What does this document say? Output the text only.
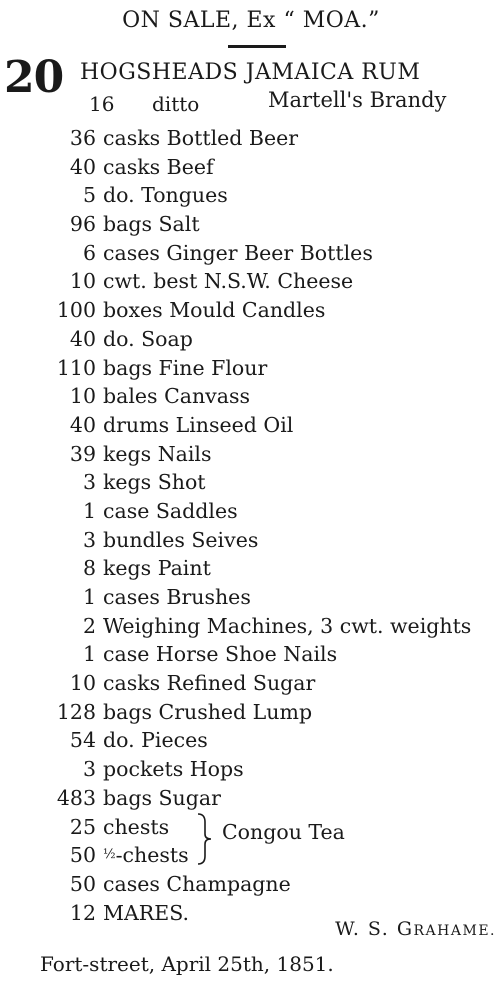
ON SALE, Ex “ MOA.”
20 HOGSHEADS JAMAICA RUM
16 ditto	Martell's Brandy
36 casks Bottled Beer
40 casks Beef
5 do. Tongues
96 bags Salt
6 cases Ginger Beer Bottles
10 cwt. best N.S.W. Cheese
100 boxes Mould Candles
40 do. Soap
110 bags Fine Flour
10 bales Canvass
40 drums Linseed Oil
39 kegs Nails
3 kegs Shot
1 case Saddles
3 bundles Seives
8 kegs Paint
1 cases Brushes
2 Weighing Machines, 3 cwt. weights
1 case Horse Shoe Nails
10 casks Refined Sugar
128 bags Crushed Lump
54 do. Pieces
3 pockets Hops
483 bags Sugar
25 chests
50 ½-chests
50 cases Champagne
12 MARES.
Congou Tea
W. S. GRAHAME.
Fort-street, April 25th, 1851.
